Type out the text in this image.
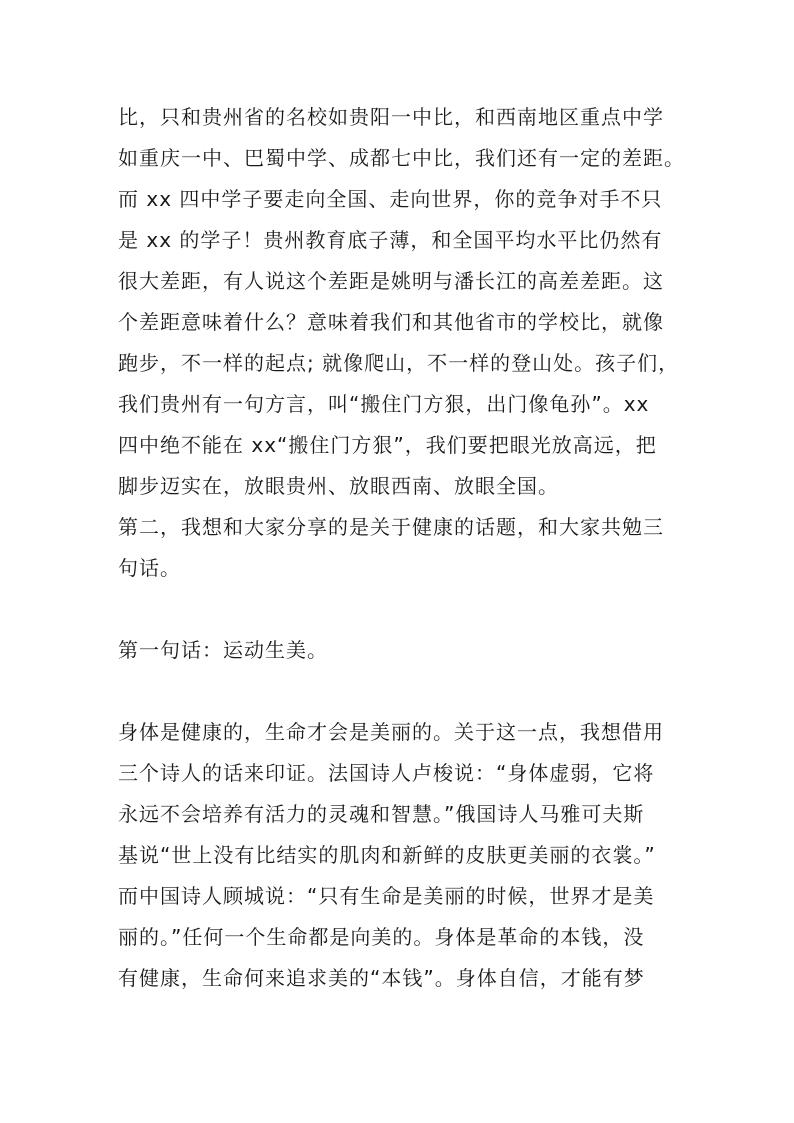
比，只和贵州省的名校如贵阳一中比，和西南地区重点中学
如重庆一中、巴蜀中学、成都七中比，我们还有一定的差距。
而 xx 四中学子要走向全国、走向世界，你的竞争对手不只
是 xx 的学子！贵州教育底子薄，和全国平均水平比仍然有
很大差距，有人说这个差距是姚明与潘长江的高差差距。这
个差距意味着什么？意味着我们和其他省市的学校比，就像
跑步，不一样的起点; 就像爬山，不一样的登山处。孩子们，
我们贵州有一句方言，叫“搬住门方狠，出门像龟孙”。xx
四中绝不能在 xx“搬住门方狠”，我们要把眼光放高远，把
脚步迈实在，放眼贵州、放眼西南、放眼全国。
第二，我想和大家分享的是关于健康的话题，和大家共勉三
句话。
第一句话：运动生美。
身体是健康的，生命才会是美丽的。关于这一点，我想借用
三个诗人的话来印证。法国诗人卢梭说：“身体虚弱，它将
永远不会培养有活力的灵魂和智慧。”俄国诗人马雅可夫斯
基说“世上没有比结实的肌肉和新鲜的皮肤更美丽的衣裳。”
而中国诗人顾城说：“只有生命是美丽的时候，世界才是美
丽的。”任何一个生命都是向美的。身体是革命的本钱，没
有健康，生命何来追求美的“本钱”。身体自信，才能有梦
